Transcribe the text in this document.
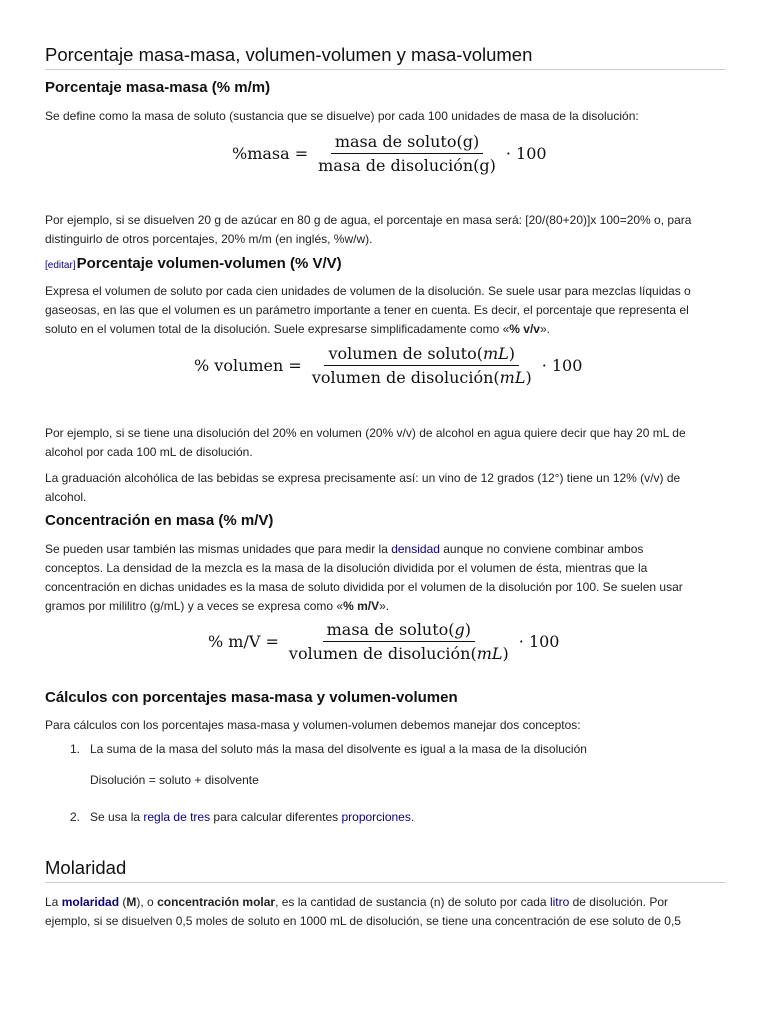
Porcentaje masa-masa, volumen-volumen y masa-volumen
Porcentaje masa-masa (% m/m)

Se define como la masa de soluto (sustancia que se disuelve) por cada 100 unidades de masa de la disolución:

%masa = $\frac{\text{masa de soluto(g)}}{\text{masa de disolución(g)}} \cdot 100$

Por ejemplo, si se disuelven 20 g de azúcar en 80 g de agua, el porcentaje en masa será: [20/(80+20)]x 100=20% o, para

distinguirlo de otros porcentajes, 20% m/m (en inglés, %w/w).

[editar]Porcentaje volumen-volumen (% V/V)

Expresa el volumen de soluto por cada cien unidades de volumen de la disolución. Se suele usar para mezclas líquidas o

gaseosas, en las que el volumen es un parámetro importante a tener en cuenta. Es decir, el porcentaje que representa el

soluto en el volumen total de la disolución. Suele expresarse simplificadamente como «% v/v».

% volumen = $\frac{\text{volumen de soluto(mL)}}{\text{volumen de disolución(mL)}} \cdot 100$

Por ejemplo, si se tiene una disolución del 20% en volumen (20% v/v) de alcohol en agua quiere decir que hay 20 mL de

alcohol por cada 100 mL de disolución.

La graduación alcohólica de las bebidas se expresa precisamente así: un vino de 12 grados (12°) tiene un 12% (v/v) de

alcohol.

Concentración en masa (% m/V)

Se pueden usar también las mismas unidades que para medir la densidad aunque no conviene combinar ambos

conceptos. La densidad de la mezcla es la masa de la disolución dividida por el volumen de ésta, mientras que la

concentración en dichas unidades es la masa de soluto dividida por el volumen de la disolución por 100. Se suelen usar

gramos por mililitro (g/mL) y a veces se expresa como «% m/V».

% $m/V = \frac{\text{masa de soluto(g)}}{\text{volumen de disolución(mL)}} \cdot 100$
Cálculos con porcentajes masa-masa y volumen-volumen

Para cálculos con los porcentajes masa-masa y volumen-volumen debemos manejar dos conceptos:

1. La suma de la masa del soluto más la masa del disolvente es igual a la masa de la disolución
Disolución = soluto + disolvente
2. Se usa la regla de tres para calcular diferentes proporciones.
Molaridad

La molaridad (M), o concentración molar, es la cantidad de sustancia (n) de soluto por cada litro de disolución. Por

ejemplo, si se disuelven 0,5 moles de soluto en 1000 mL de disolución, se tiene una concentración de ese soluto de 0,5
